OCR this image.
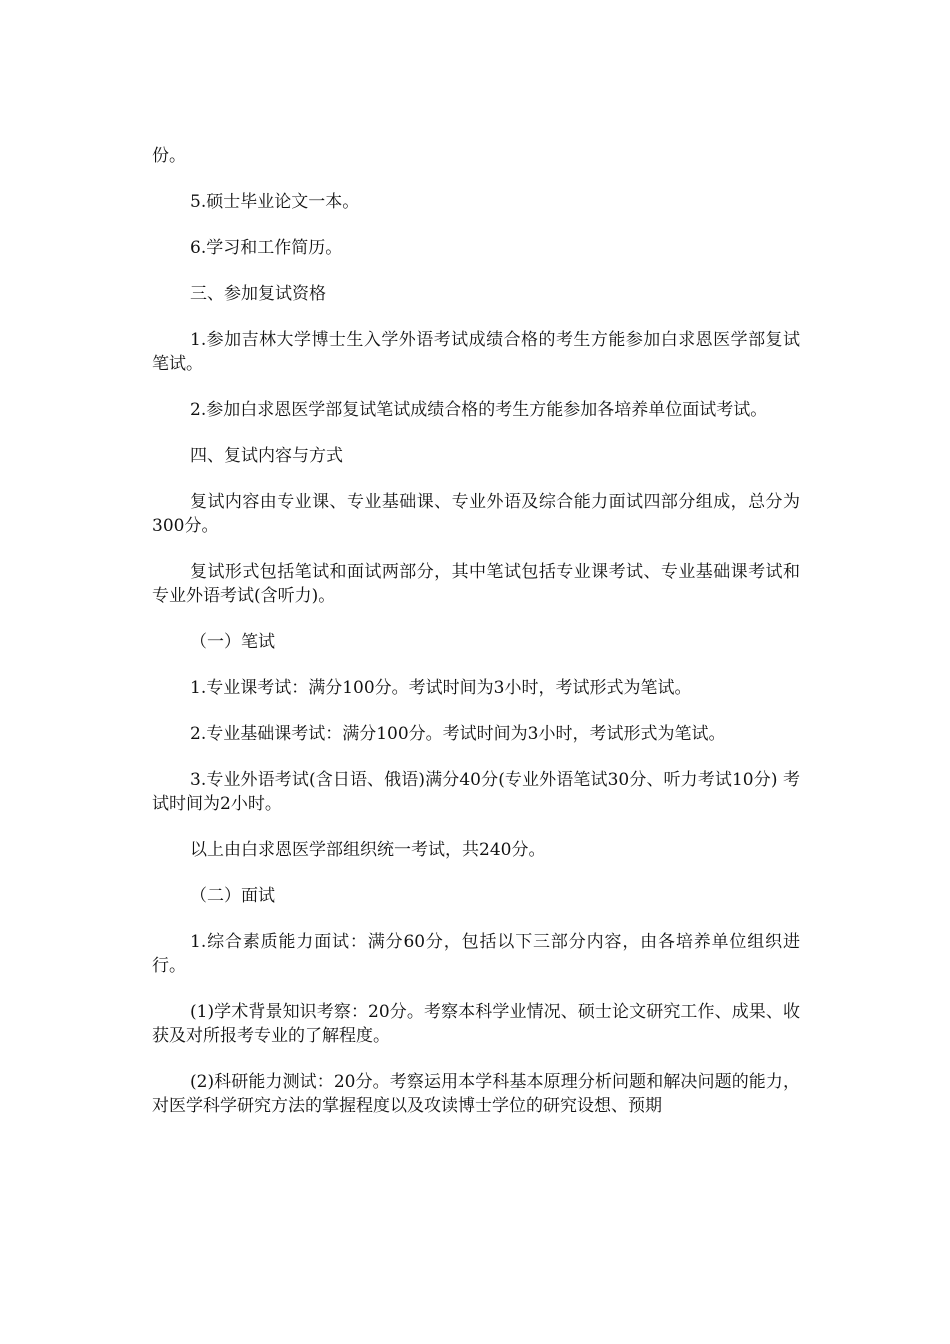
份。

5.硕士毕业论文一本。

6.学习和工作简历。

三、参加复试资格

1.参加吉林大学博士生入学外语考试成绩合格的考生方能参加白求恩医学部复试笔试。

2.参加白求恩医学部复试笔试成绩合格的考生方能参加各培养单位面试考试。

四、复试内容与方式

复试内容由专业课、专业基础课、专业外语及综合能力面试四部分组成，总分为300分。

复试形式包括笔试和面试两部分，其中笔试包括专业课考试、专业基础课考试和专业外语考试(含听力)。

（一）笔试

1.专业课考试：满分100分。考试时间为3小时，考试形式为笔试。

2.专业基础课考试：满分100分。考试时间为3小时，考试形式为笔试。

3.专业外语考试(含日语、俄语)满分40分(专业外语笔试30分、听力考试10分) 考试时间为2小时。

以上由白求恩医学部组织统一考试，共240分。

（二）面试

1.综合素质能力面试：满分60分，包括以下三部分内容，由各培养单位组织进行。

(1)学术背景知识考察：20分。考察本科学业情况、硕士论文研究工作、成果、收获及对所报考专业的了解程度。

(2)科研能力测试：20分。考察运用本学科基本原理分析问题和解决问题的能力，对医学科学研究方法的掌握程度以及攻读博士学位的研究设想、预期
